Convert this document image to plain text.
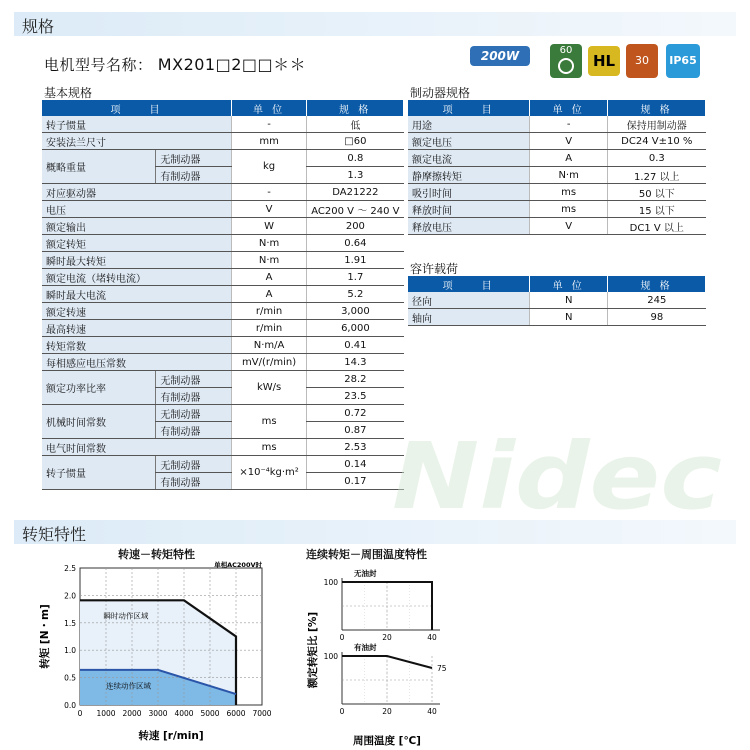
规格
电机型号名称： MX201□2□□＊＊	200W	60

HL	30	IP65
基本规格
项　　目		单 位	规 格
转子惯量		-	低
安装法兰尺寸		mm	□60
概略重量	无制动器	kg	0.8
	有制动器		1.3
对应驱动器		-	DA21222
电压		V	AC200 V ～ 240 V
额定输出		W	200
额定转矩		N·m	0.64
瞬时最大转矩		N·m	1.91
额定电流（堵转电流）		A	1.7
瞬时最大电流		A	5.2
额定转速		r/min	3,000
最高转速		r/min	6,000
转矩常数		N·m/A	0.41
每相感应电压常数		mV/(r/min)	14.3
额定功率比率	无制动器	kW/s	28.2
	有制动器		23.5
机械时间常数	无制动器	ms	0.72
	有制动器		0.87
电气时间常数		ms	2.53
转子惯量	无制动器	×10⁻⁴kg·m²	0.14
	有制动器		0.17
制动器规格
项　　目	单 位	规 格
用途	-	保持用制动器
额定电压	V	DC24 V±10 %
额定电流	A	0.3
静摩擦转矩	N·m	1.27 以上
吸引时间	ms	50 以下
释放时间	ms	15 以下
释放电压	V	DC1 V 以上
容许载荷
项　　目	单 位	规 格
径向	N	245
轴向	N	98
Nidec
转矩特性
转速－转矩特性
0 1000 2000 3000 4000 5000 6000 7000
0.0
0.5
1.0
1.5
2.0
2.5
瞬时动作区域
连续动作区域
单相AC200V时
转速 [r/min]
转矩 [N・m]
连续转矩－周围温度特性
100
无油封
0	20	40
100
有油封
0	20	40
75
周围温度 [℃]
额定转矩比 [%]
